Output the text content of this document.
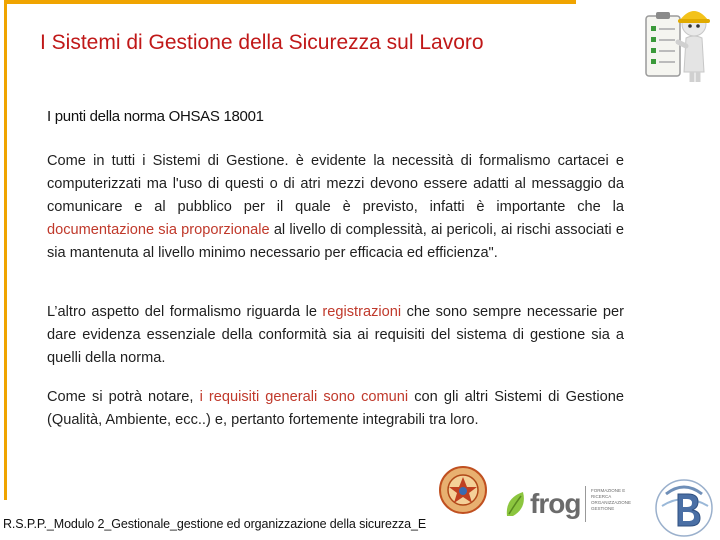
I Sistemi di Gestione della Sicurezza sul Lavoro
I punti della norma OHSAS 18001

Come in tutti i Sistemi di Gestione. è evidente la necessità di formalismo cartacei e computerizzati ma l'uso di questi o di atri mezzi devono essere adatti al messaggio da comunicare e al pubblico per il quale è previsto, infatti è importante che la documentazione sia proporzionale al livello di complessità, ai pericoli, ai rischi associati e sia mantenuta al livello minimo necessario per efficacia ed efficienza".

L’altro aspetto del formalismo riguarda le registrazioni che sono sempre necessarie per dare evidenza essenziale della conformità sia ai requisiti del sistema di gestione sia a quelli della norma.

Come si potrà notare, i requisiti generali sono comuni con gli altri Sistemi di Gestione (Qualità, Ambiente, ecc..) e, pertanto fortemente integrabili tra loro.

frog FORMAZIONE E RICERCA ORGANIZZAZIONE GESTIONE
R.S.P.P._Modulo 2_Gestionale_gestione ed organizzazione della sicurezza_E
